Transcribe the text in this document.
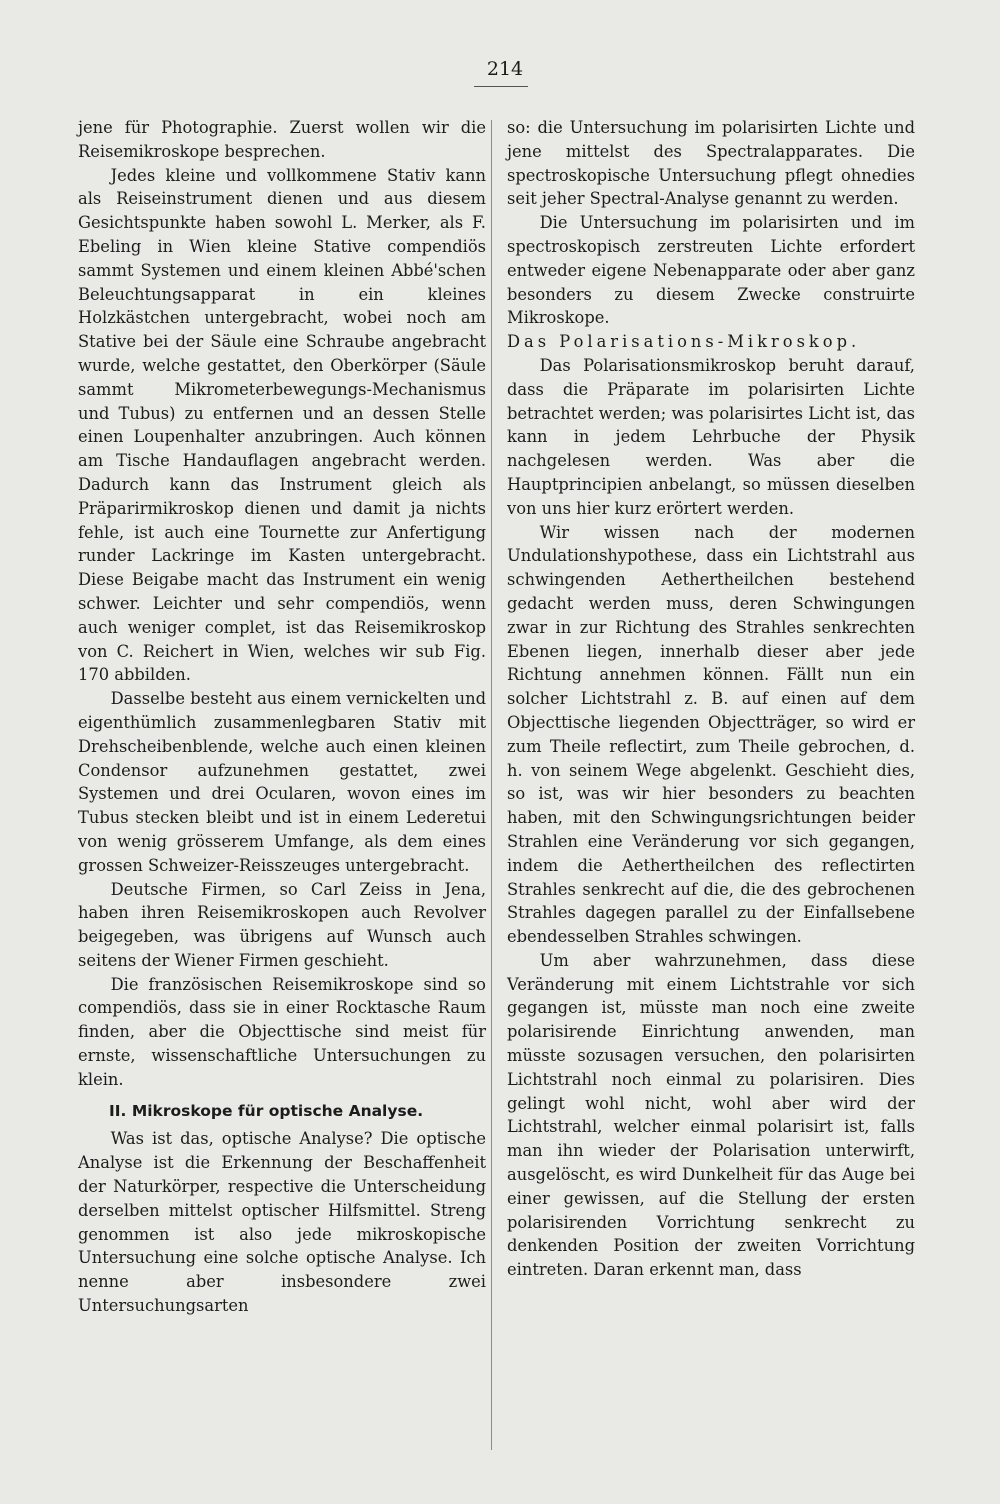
214

jene für Photographie. Zuerst wollen wir die Reisemikroskope besprechen.

Jedes kleine und vollkommene Stativ kann als Reiseinstrument dienen und aus diesem Gesichtspunkte haben sowohl L. Merker, als F. Ebeling in Wien kleine Stative compendiös sammt Systemen und einem kleinen Abbé'schen Beleuchtungsapparat in ein kleines Holzkästchen untergebracht, wobei noch am Stative bei der Säule eine Schraube angebracht wurde, welche gestattet, den Oberkörper (Säule sammt Mikrometerbewegungs-Mechanismus und Tubus) zu entfernen und an dessen Stelle einen Loupenhalter anzubringen. Auch können am Tische Handauflagen angebracht werden. Dadurch kann das Instrument gleich als Präparirmikroskop dienen und damit ja nichts fehle, ist auch eine Tournette zur Anfertigung runder Lackringe im Kasten untergebracht. Diese Beigabe macht das Instrument ein wenig schwer. Leichter und sehr compendiös, wenn auch weniger complet, ist das Reisemikroskop von C. Reichert in Wien, welches wir sub Fig. 170 abbilden.

Dasselbe besteht aus einem vernickelten und eigenthümlich zusammenlegbaren Stativ mit Drehscheibenblende, welche auch einen kleinen Condensor aufzunehmen gestattet, zwei Systemen und drei Ocularen, wovon eines im Tubus stecken bleibt und ist in einem Lederetui von wenig grösserem Umfange, als dem eines grossen Schweizer-Reisszeuges untergebracht.

Deutsche Firmen, so Carl Zeiss in Jena, haben ihren Reisemikroskopen auch Revolver beigegeben, was übrigens auf Wunsch auch seitens der Wiener Firmen geschieht.

Die französischen Reisemikroskope sind so compendiös, dass sie in einer Rocktasche Raum finden, aber die Objecttische sind meist für ernste, wissenschaftliche Untersuchungen zu klein.

II. Mikroskope für optische Analyse.

Was ist das, optische Analyse? Die optische Analyse ist die Erkennung der Beschaffenheit der Naturkörper, respective die Unterscheidung derselben mittelst optischer Hilfsmittel. Streng genommen ist also jede mikroskopische Untersuchung eine solche optische Analyse. Ich nenne aber insbesondere zwei Untersuchungsarten

so: die Untersuchung im polarisirten Lichte und jene mittelst des Spectralapparates. Die spectroskopische Untersuchung pflegt ohnedies seit jeher Spectral-Analyse genannt zu werden.

Die Untersuchung im polarisirten und im spectroskopisch zerstreuten Lichte erfordert entweder eigene Nebenapparate oder aber ganz besonders zu diesem Zwecke construirte Mikroskope.

Das Polarisations-Mikroskop.

Das Polarisationsmikroskop beruht darauf, dass die Präparate im polarisirten Lichte betrachtet werden; was polarisirtes Licht ist, das kann in jedem Lehrbuche der Physik nachgelesen werden. Was aber die Hauptprincipien anbelangt, so müssen dieselben von uns hier kurz erörtert werden.

Wir wissen nach der modernen Undulationshypothese, dass ein Lichtstrahl aus schwingenden Aethertheilchen bestehend gedacht werden muss, deren Schwingungen zwar in zur Richtung des Strahles senkrechten Ebenen liegen, innerhalb dieser aber jede Richtung annehmen können. Fällt nun ein solcher Lichtstrahl z. B. auf einen auf dem Objecttische liegenden Objectträger, so wird er zum Theile reflectirt, zum Theile gebrochen, d. h. von seinem Wege abgelenkt. Geschieht dies, so ist, was wir hier besonders zu beachten haben, mit den Schwingungsrichtungen beider Strahlen eine Veränderung vor sich gegangen, indem die Aethertheilchen des reflectirten Strahles senkrecht auf die, die des gebrochenen Strahles dagegen parallel zu der Einfallsebene ebendesselben Strahles schwingen.

Um aber wahrzunehmen, dass diese Veränderung mit einem Lichtstrahle vor sich gegangen ist, müsste man noch eine zweite polarisirende Einrichtung anwenden, man müsste sozusagen versuchen, den polarisirten Lichtstrahl noch einmal zu polarisiren. Dies gelingt wohl nicht, wohl aber wird der Lichtstrahl, welcher einmal polarisirt ist, falls man ihn wieder der Polarisation unterwirft, ausgelöscht, es wird Dunkelheit für das Auge bei einer gewissen, auf die Stellung der ersten polarisirenden Vorrichtung senkrecht zu denkenden Position der zweiten Vorrichtung eintreten. Daran erkennt man, dass
